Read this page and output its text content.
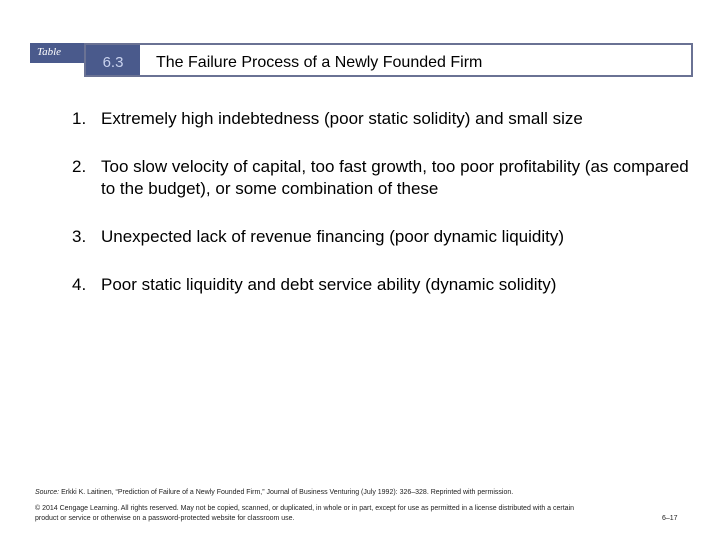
Table
6.3	The Failure Process of a Newly Founded Firm
1. Extremely high indebtedness (poor static solidity) and small size
2. Too slow velocity of capital, too fast growth, too poor profitability (as compared to the budget), or some combination of these
3. Unexpected lack of revenue financing (poor dynamic liquidity)
4. Poor static liquidity and debt service ability (dynamic solidity)
Source: Erkki K. Laitinen, “Prediction of Failure of a Newly Founded Firm,” Journal of Business Venturing (July 1992): 326–328. Reprinted with permission.
© 2014 Cengage Learning. All rights reserved. May not be copied, scanned, or duplicated, in whole or in part, except for use as permitted in a license distributed with a certain product or service or otherwise on a password-protected website for classroom use.	6–17
